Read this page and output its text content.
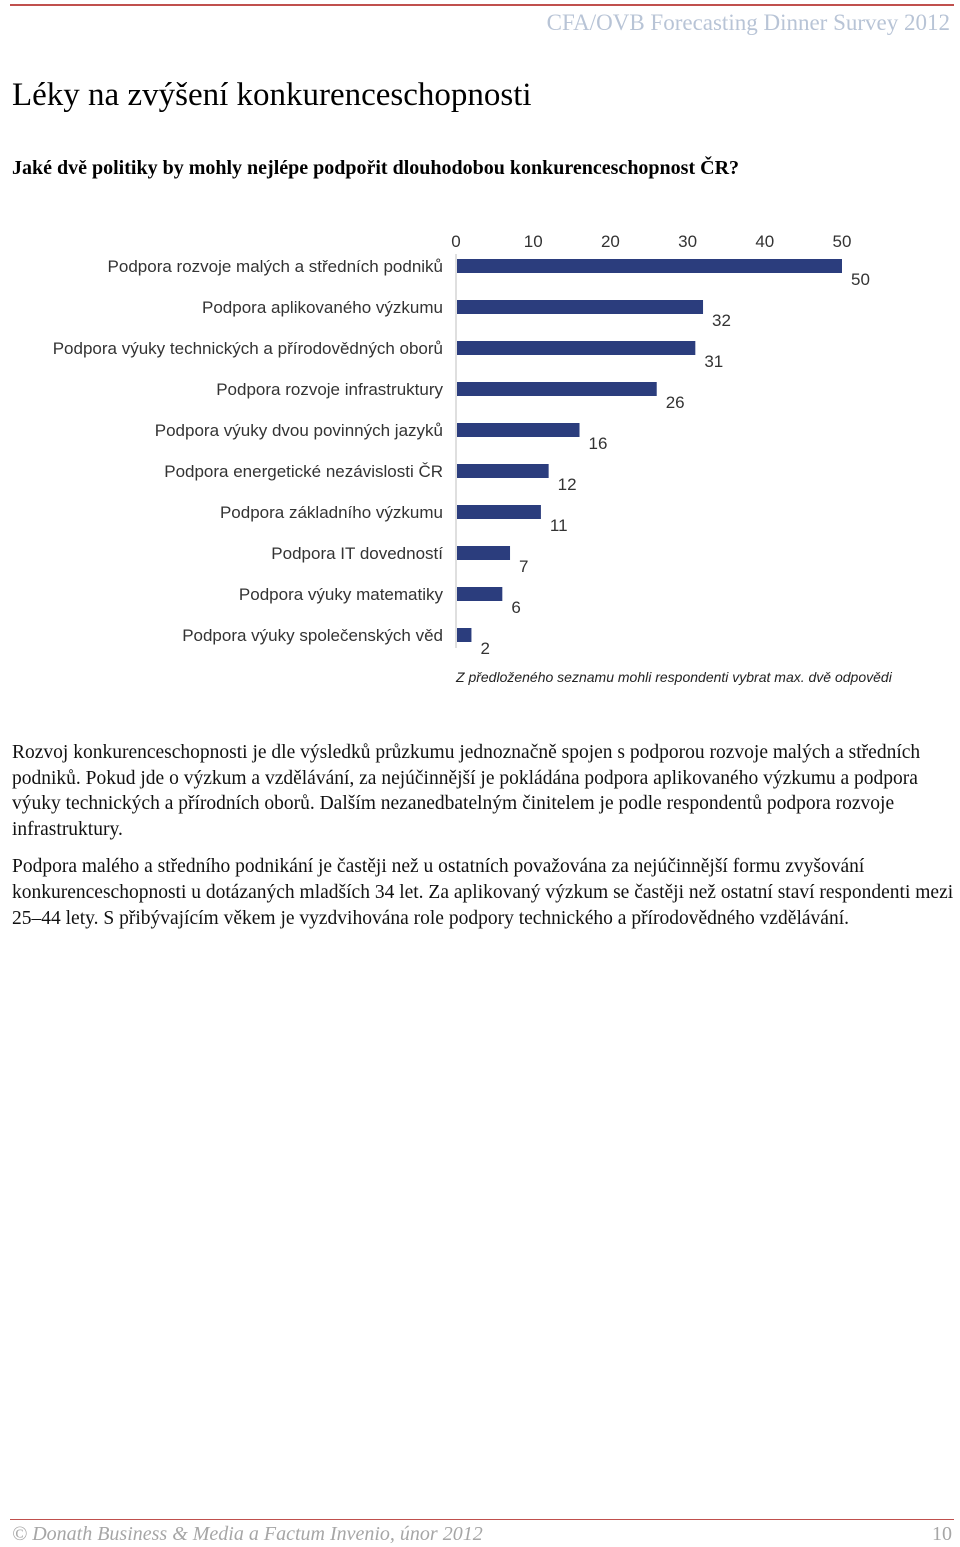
CFA/OVB Forecasting Dinner Survey 2012
Léky na zvýšení konkurenceschopnosti
Jaké dvě politiky by mohly nejlépe podpořit dlouhodobou konkurenceschopnost ČR?
0	10	20	30	40	50
Podpora rozvoje malých a středních podniků
50
Podpora aplikovaného výzkumu
32
Podpora výuky technických a přírodovědných oborů
31
Podpora rozvoje infrastruktury
26
Podpora výuky dvou povinných jazyků
16
Podpora energetické nezávislosti ČR
12
Podpora základního výzkumu
11
Podpora IT dovedností
7
Podpora výuky matematiky
6
Podpora výuky společenských věd
2
Z předloženého seznamu mohli respondenti vybrat max. dvě odpovědi

Rozvoj konkurenceschopnosti je dle výsledků průzkumu jednoznačně spojen s podporou rozvoje malých a středních podniků. Pokud jde o výzkum a vzdělávání, za nejúčinnější je pokládána podpora aplikovaného výzkumu a podpora výuky technických a přírodních oborů. Dalším nezanedbatelným činitelem je podle respondentů podpora rozvoje infrastruktury.

Podpora malého a středního podnikání je častěji než u ostatních považována za nejúčinnější formu zvyšování konkurenceschopnosti u dotázaných mladších 34 let. Za aplikovaný výzkum se častěji než ostatní staví respondenti mezi 25–44 lety. S přibývajícím věkem je vyzdvihována role podpory technického a přírodovědného vzdělávání.

© Donath Business & Media a Factum Invenio, únor 2012	10
